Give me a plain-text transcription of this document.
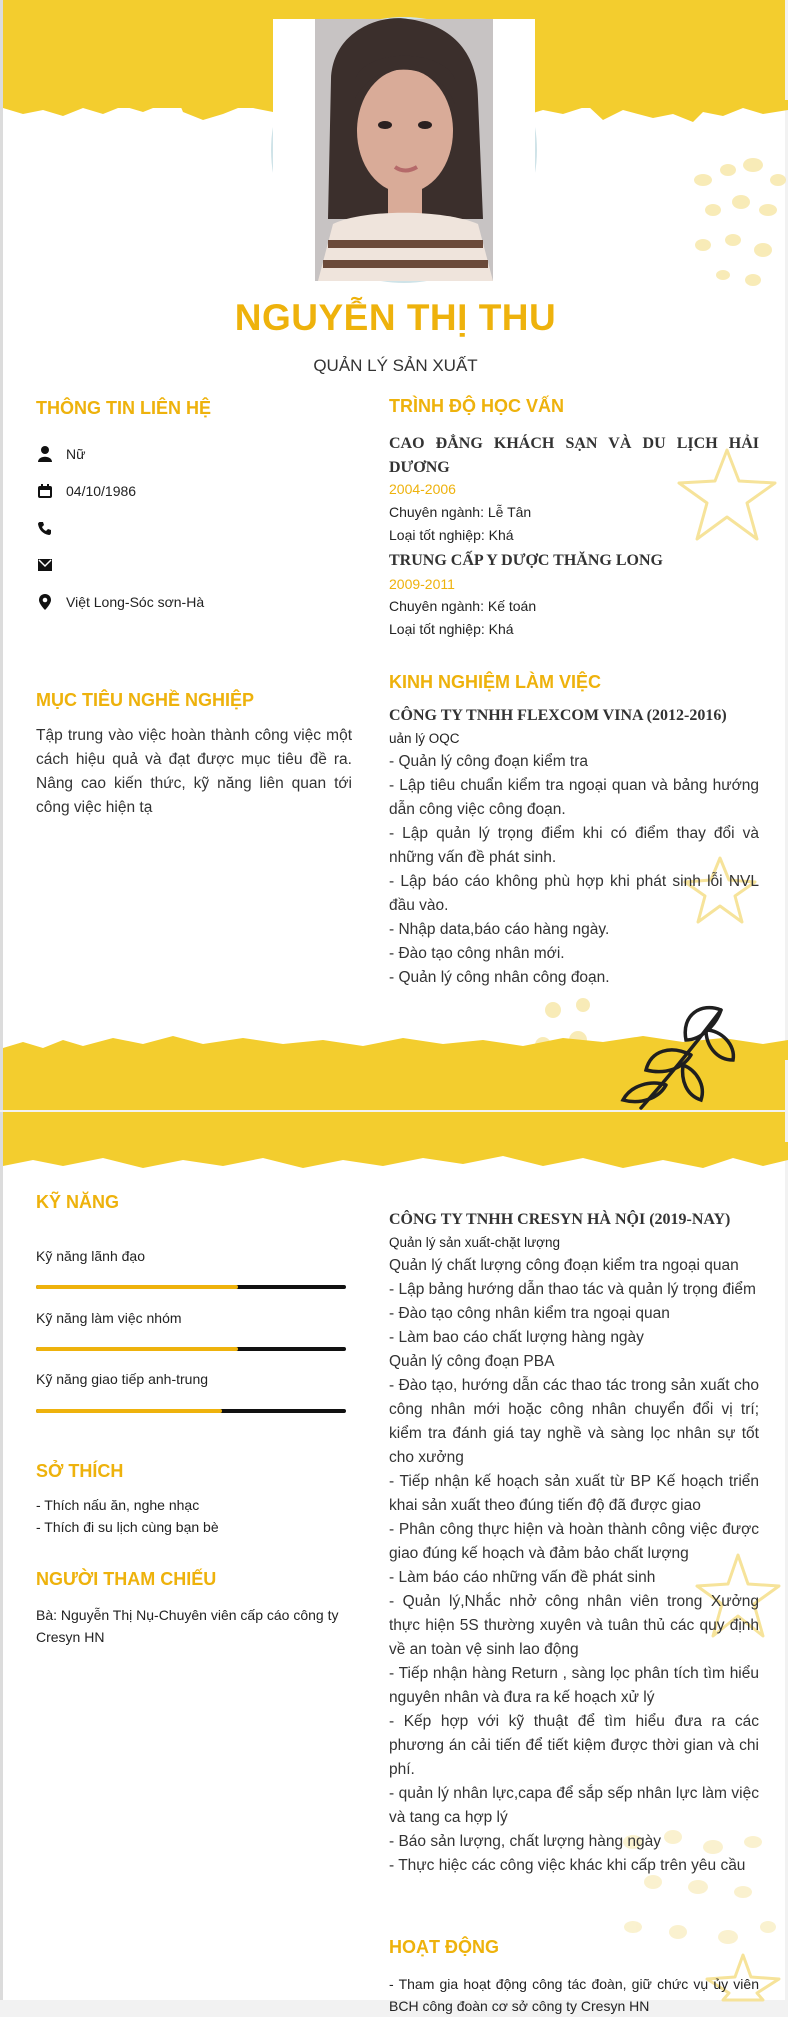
NGUYỄN THỊ THU
QUẢN LÝ SẢN XUẤT
THÔNG TIN LIÊN HỆ
Nữ
04/10/1986
Việt Long-Sóc sơn-Hà
MỤC TIÊU NGHỀ NGHIỆP
Tập trung vào việc hoàn thành công việc một cách hiệu quả và đạt được mục tiêu đề ra. Nâng cao kiến thức, kỹ năng liên quan tới công việc hiện tạ
TRÌNH ĐỘ HỌC VẤN
CAO ĐẲNG KHÁCH SẠN VÀ DU LỊCH HẢI DƯƠNG
2004-2006
Chuyên ngành: Lễ Tân
Loại tốt nghiệp: Khá
TRUNG CẤP Y DƯỢC THĂNG LONG
2009-2011
Chuyên ngành: Kế toán
Loại tốt nghiệp: Khá
KINH NGHIỆM LÀM VIỆC
CÔNG TY TNHH FLEXCOM VINA (2012-2016)
uản lý OQC
- Quản lý công đoạn kiểm tra
- Lập tiêu chuẩn kiểm tra ngoại quan và bảng hướng dẫn công việc công đoạn.
- Lập quản lý trọng điểm khi có điểm thay đổi và những vấn đề phát sinh.
- Lập báo cáo không phù hợp khi phát sinh lỗi NVL đầu vào.
- Nhập data,báo cáo hàng ngày.
- Đào tạo công nhân mới.
- Quản lý công nhân công đoạn.
KỸ NĂNG
Kỹ năng lãnh đạo
Kỹ năng làm việc nhóm
Kỹ năng giao tiếp anh-trung
SỞ THÍCH
- Thích nấu ăn, nghe nhạc
- Thích đi su lịch cùng bạn bè
NGƯỜI THAM CHIẾU
Bà: Nguyễn Thị Nụ-Chuyên viên cấp cáo công ty Cresyn HN
CÔNG TY TNHH CRESYN HÀ NỘI (2019-NAY)
Quản lý sản xuất-chặt lượng
Quản lý chất lượng công đoạn kiểm tra ngoại quan
- Lập bảng hướng dẫn thao tác và quản lý trọng điểm
- Đào tạo công nhân kiểm tra ngoại quan
- Làm bao cáo chất lượng hàng ngày
Quản lý công đoạn PBA
- Đào tạo, hướng dẫn các thao tác trong sản xuất cho công nhân mới hoặc công nhân chuyển đổi vị trí; kiểm tra đánh giá tay nghề và sàng lọc nhân sự tốt cho xưởng
- Tiếp nhận kế hoạch sản xuất từ BP Kế hoạch triển khai sản xuất theo đúng tiến độ đã được giao
- Phân công thực hiện và hoàn thành công việc được giao đúng kế hoạch và đảm bảo chất lượng
- Làm báo cáo những vấn đề phát sinh
- Quản lý,Nhắc nhở công nhân viên trong Xưởng thực hiện 5S thường xuyên và tuân thủ các quy định về an toàn vệ sinh lao động
- Tiếp nhận hàng Return , sàng lọc phân tích tìm hiểu nguyên nhân và đưa ra kế hoạch xử lý
- Kếp hợp với kỹ thuật để tìm hiểu đưa ra các phương án cải tiến để tiết kiệm được thời gian và chi phí.
- quản lý nhân lực,capa để sắp sếp nhân lực làm việc và tang ca hợp lý
- Báo sản lượng, chất lượng hàng ngày
- Thực hiệc các công việc khác khi cấp trên yêu cầu
HOẠT ĐỘNG
- Tham gia hoạt động công tác đoàn, giữ chức vụ ủy viên BCH công đoàn cơ sở công ty Cresyn HN
